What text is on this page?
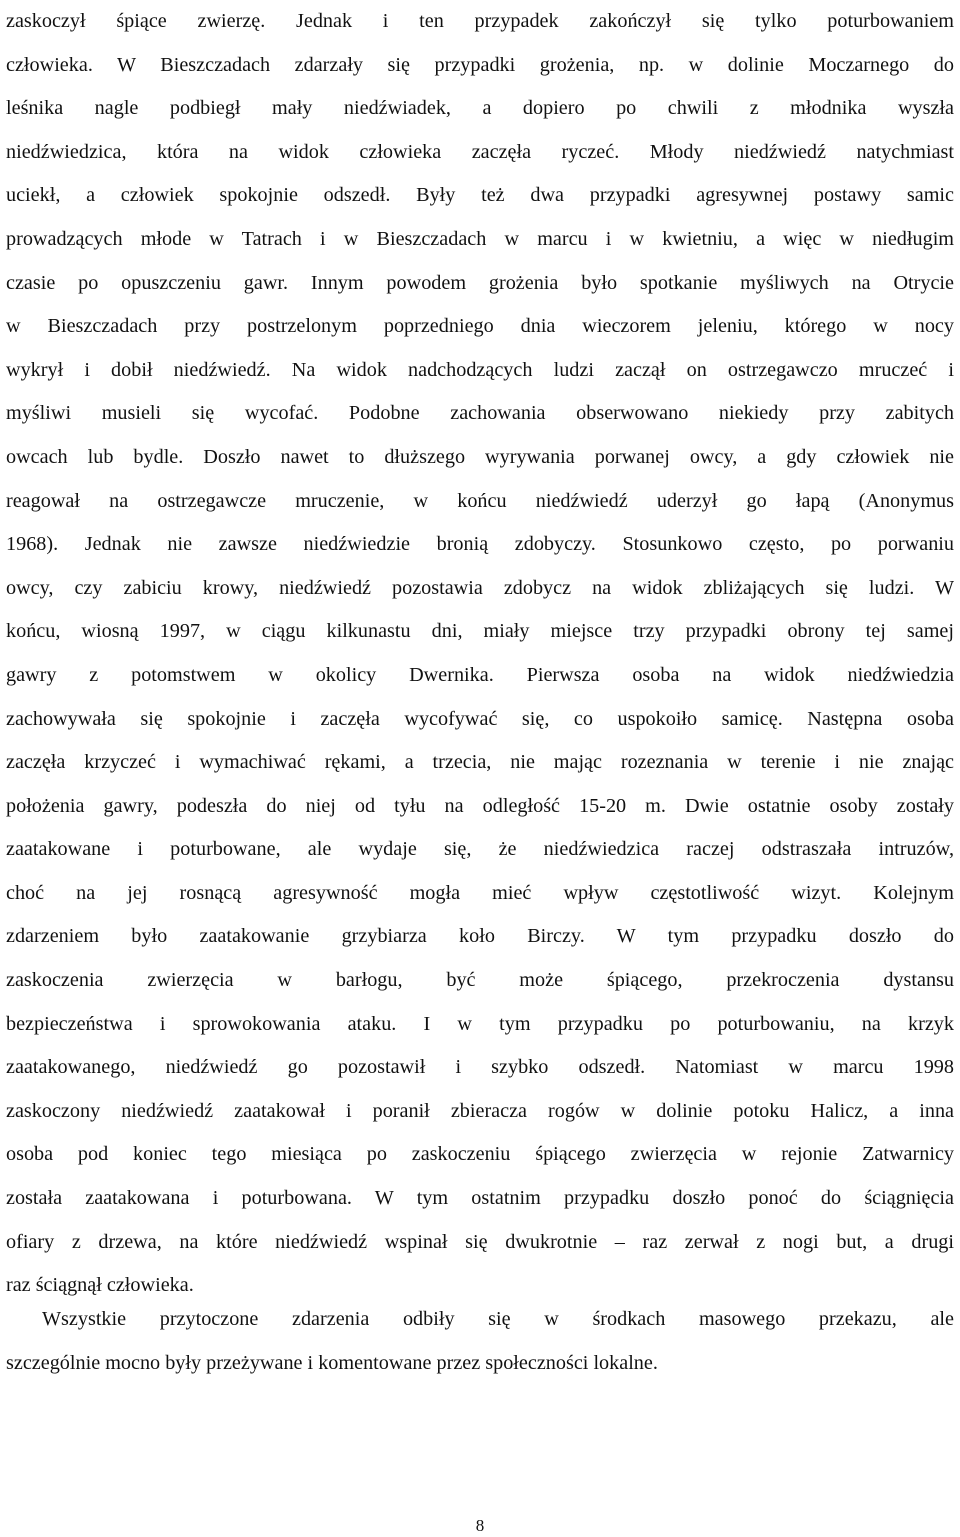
zaskoczył śpiące zwierzę. Jednak i ten przypadek zakończył się tylko poturbowaniem
człowieka. W Bieszczadach zdarzały się przypadki grożenia, np. w dolinie Moczarnego do
leśnika nagle podbiegł mały niedźwiadek, a dopiero po chwili z młodnika wyszła
niedźwiedzica, która na widok człowieka zaczęła ryczeć. Młody niedźwiedź natychmiast
uciekł, a człowiek spokojnie odszedł. Były też dwa przypadki agresywnej postawy samic
prowadzących młode w Tatrach i w Bieszczadach w marcu i w kwietniu, a więc w niedługim
czasie po opuszczeniu gawr. Innym powodem grożenia było spotkanie myśliwych na Otrycie
w Bieszczadach przy postrzelonym poprzedniego dnia wieczorem jeleniu, którego w nocy
wykrył i dobił niedźwiedź. Na widok nadchodzących ludzi zaczął on ostrzegawczo mruczeć i
myśliwi musieli się wycofać. Podobne zachowania obserwowano niekiedy przy zabitych
owcach lub bydle. Doszło nawet to dłuższego wyrywania porwanej owcy, a gdy człowiek nie
reagował na ostrzegawcze mruczenie, w końcu niedźwiedź uderzył go łapą (Anonymus
1968). Jednak nie zawsze niedźwiedzie bronią zdobyczy. Stosunkowo często, po porwaniu
owcy, czy zabiciu krowy, niedźwiedź pozostawia zdobycz na widok zbliżających się ludzi. W
końcu, wiosną 1997, w ciągu kilkunastu dni, miały miejsce trzy przypadki obrony tej samej
gawry z potomstwem w okolicy Dwernika. Pierwsza osoba na widok niedźwiedzia
zachowywała się spokojnie i zaczęła wycofywać się, co uspokoiło samicę. Następna osoba
zaczęła krzyczeć i wymachiwać rękami, a trzecia, nie mając rozeznania w terenie i nie znając
położenia gawry, podeszła do niej od tyłu na odległość 15-20 m. Dwie ostatnie osoby zostały
zaatakowane i poturbowane, ale wydaje się, że niedźwiedzica raczej odstraszała intruzów,
choć na jej rosnącą agresywność mogła mieć wpływ częstotliwość wizyt. Kolejnym
zdarzeniem było zaatakowanie grzybiarza koło Birczy. W tym przypadku doszło do
zaskoczenia zwierzęcia w barłogu, być może śpiącego, przekroczenia dystansu
bezpieczeństwa i sprowokowania ataku. I w tym przypadku po poturbowaniu, na krzyk
zaatakowanego, niedźwiedź go pozostawił i szybko odszedł. Natomiast w marcu 1998
zaskoczony niedźwiedź zaatakował i poranił zbieracza rogów w dolinie potoku Halicz, a inna
osoba pod koniec tego miesiąca po zaskoczeniu śpiącego zwierzęcia w rejonie Zatwarnicy
została zaatakowana i poturbowana. W tym ostatnim przypadku doszło ponoć do ściągnięcia
ofiary z drzewa, na które niedźwiedź wspinał się dwukrotnie – raz zerwał z nogi but, a drugi
raz ściągnął człowieka.
Wszystkie przytoczone zdarzenia odbiły się w środkach masowego przekazu, ale
szczególnie mocno były przeżywane i komentowane przez społeczności lokalne.
8
